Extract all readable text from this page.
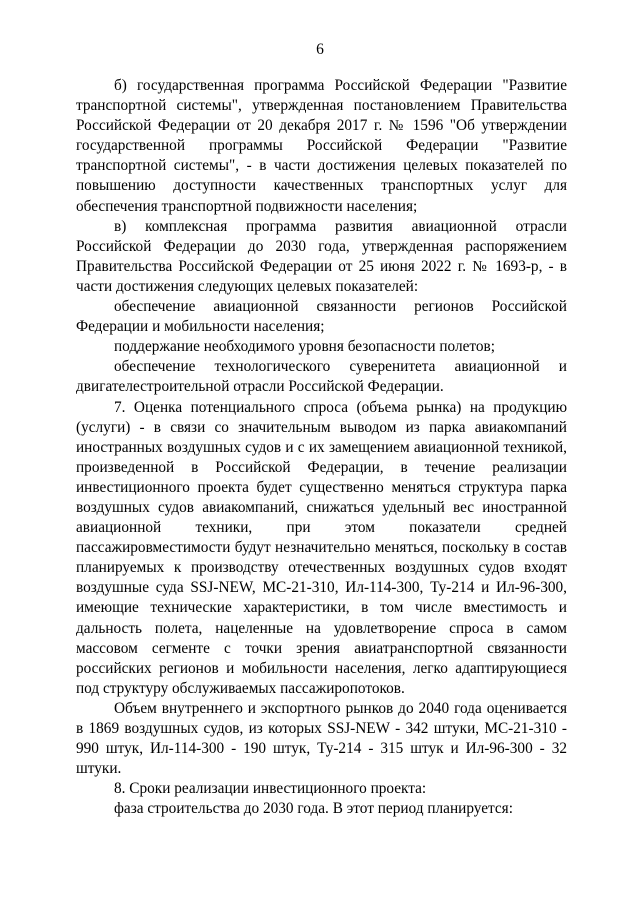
6

б) государственная программа Российской Федерации "Развитие транспортной системы", утвержденная постановлением Правительства Российской Федерации от 20 декабря 2017 г. № 1596 "Об утверждении государственной программы Российской Федерации "Развитие транспортной системы", - в части достижения целевых показателей по повышению доступности качественных транспортных услуг для обеспечения транспортной подвижности населения;

в) комплексная программа развития авиационной отрасли Российской Федерации до 2030 года, утвержденная распоряжением Правительства Российской Федерации от 25 июня 2022 г. № 1693-р, - в части достижения следующих целевых показателей:

обеспечение авиационной связанности регионов Российской Федерации и мобильности населения;

поддержание необходимого уровня безопасности полетов;

обеспечение технологического суверенитета авиационной и двигателестроительной отрасли Российской Федерации.

7. Оценка потенциального спроса (объема рынка) на продукцию (услуги) - в связи со значительным выводом из парка авиакомпаний иностранных воздушных судов и с их замещением авиационной техникой, произведенной в Российской Федерации, в течение реализации инвестиционного проекта будет существенно меняться структура парка воздушных судов авиакомпаний, снижаться удельный вес иностранной авиационной техники, при этом показатели средней пассажировместимости будут незначительно меняться, поскольку в состав планируемых к производству отечественных воздушных судов входят воздушные суда SSJ-NEW, МС-21-310, Ил-114-300, Ту-214 и Ил-96-300, имеющие технические характеристики, в том числе вместимость и дальность полета, нацеленные на удовлетворение спроса в самом массовом сегменте с точки зрения авиатранспортной связанности российских регионов и мобильности населения, легко адаптирующиеся под структуру обслуживаемых пассажиропотоков.

Объем внутреннего и экспортного рынков до 2040 года оценивается в 1869 воздушных судов, из которых SSJ-NEW - 342 штуки, МС-21-310 - 990 штук, Ил-114-300 - 190 штук, Ту-214 - 315 штук и Ил-96-300 - 32 штуки.

8. Сроки реализации инвестиционного проекта:

фаза строительства до 2030 года. В этот период планируется:
